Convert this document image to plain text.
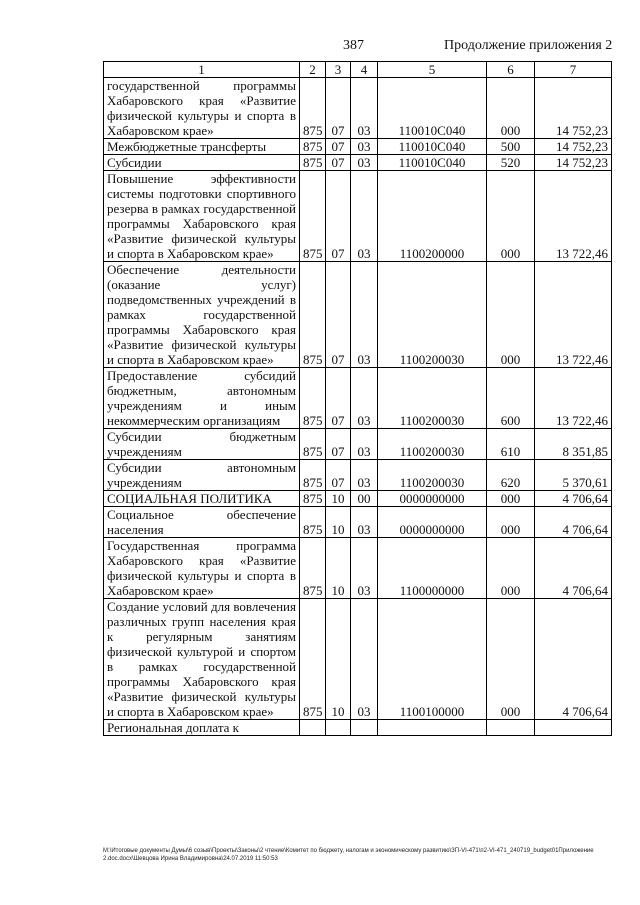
387	Продолжение приложения 2
1	2	3	4	5	6	7
государственной программы Хабаровского края «Развитие физической культуры и спорта в Хабаровском крае»	875	07	03	110010C040	000	14 752,23
Межбюджетные трансферты	875	07	03	110010C040	500	14 752,23
Субсидии	875	07	03	110010C040	520	14 752,23
Повышение эффективности системы подготовки спортивного резерва в рамках государственной программы Хабаровского края «Развитие физической культуры и спорта в Хабаровском крае»	875	07	03	1100200000	000	13 722,46
Обеспечение деятельности (оказание услуг) подведомственных учреждений в рамках государственной программы Хабаровского края «Развитие физической культуры и спорта в Хабаровском крае»	875	07	03	1100200030	000	13 722,46
Предоставление субсидий бюджетным, автономным учреждениям и иным некоммерческим организациям	875	07	03	1100200030	600	13 722,46
Субсидии бюджетным учреждениям	875	07	03	1100200030	610	8 351,85
Субсидии автономным учреждениям	875	07	03	1100200030	620	5 370,61
СОЦИАЛЬНАЯ ПОЛИТИКА	875	10	00	0000000000	000	4 706,64
Социальное обеспечение населения	875	10	03	0000000000	000	4 706,64
Государственная программа Хабаровского края «Развитие физической культуры и спорта в Хабаровском крае»	875	10	03	1100000000	000	4 706,64
Создание условий для вовлечения различных групп населения края к регулярным занятиям физической культурой и спортом в рамках государственной программы Хабаровского края «Развитие физической культуры и спорта в Хабаровском крае»	875	10	03	1100100000	000	4 706,64
Региональная доплата к						
М:\Итоговые документы Думы\6 созыв\Проекты\Законы\2 чтение\Комитет по бюджету, налогам и экономическому развитию\ЗП-VI-471\п2-VI-471_240719_budget01Приложение 2.doc.docx\Шевцова Ирина Владимировна\24.07.2019 11:50:53
